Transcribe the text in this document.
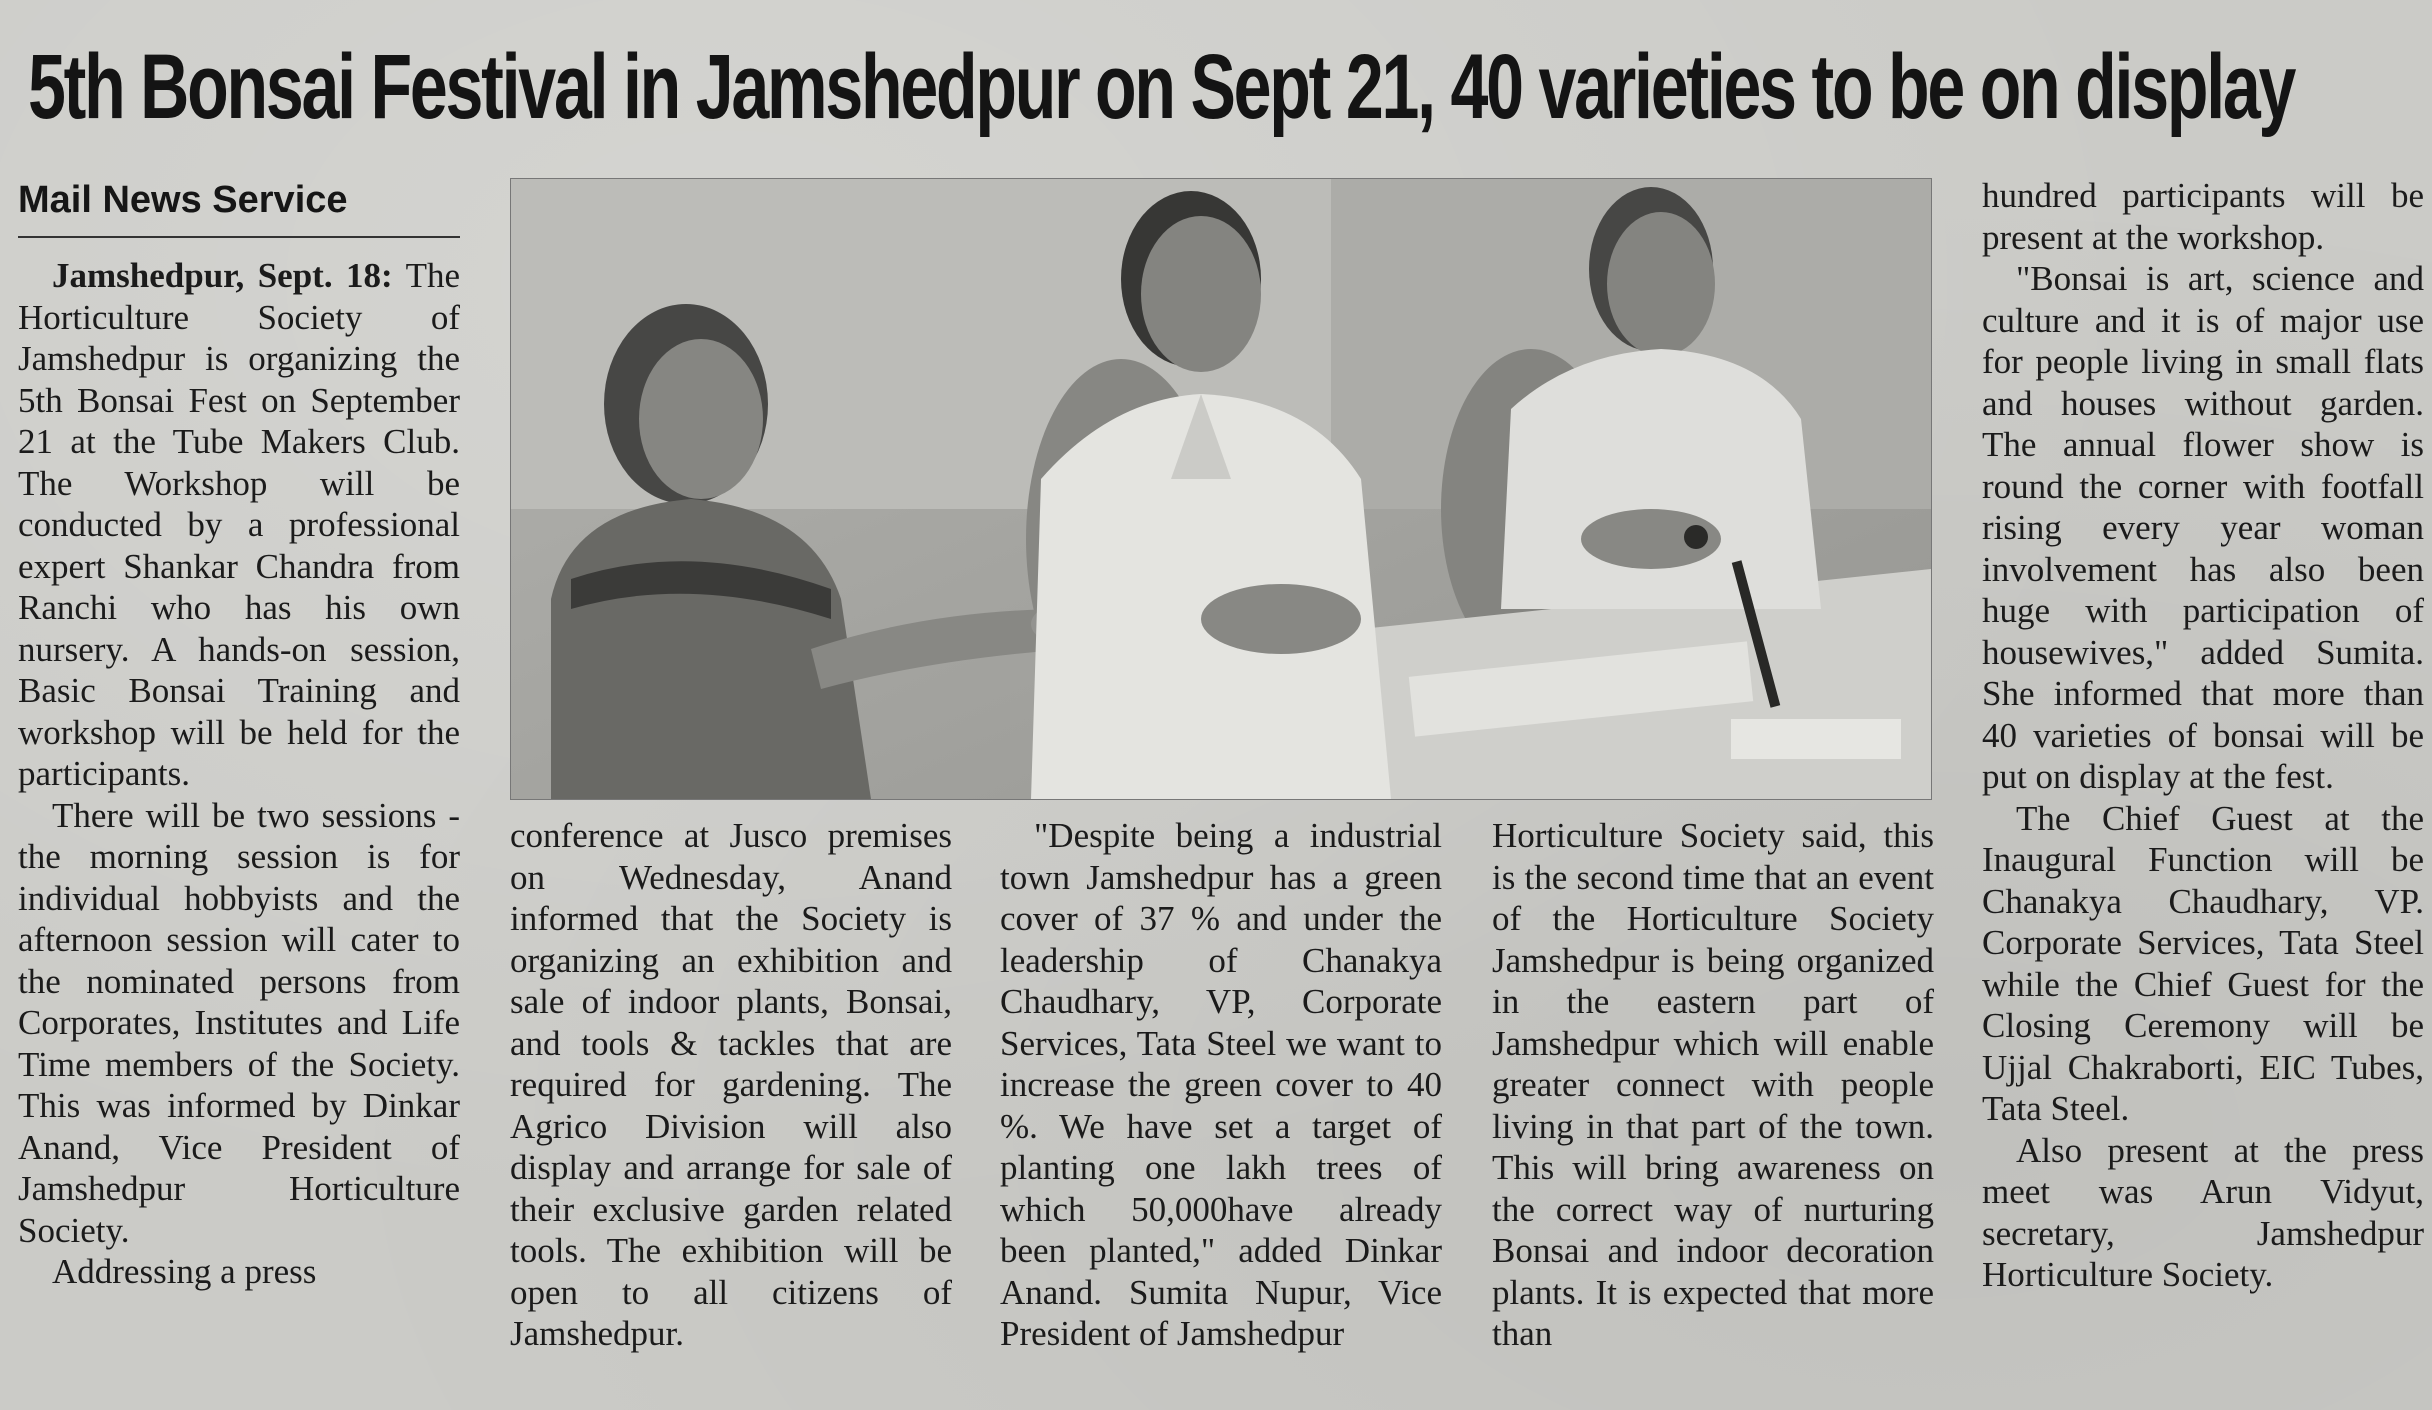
5th Bonsai Festival in Jamshedpur on Sept 21, 40 varieties to be on display
Mail News Service

Jamshedpur, Sept. 18: The Horticulture Society of Jamshedpur is organizing the 5th Bonsai Fest on September 21 at the Tube Makers Club. The Workshop will be conducted by a professional expert Shankar Chandra from Ranchi who has his own nursery. A hands-on session, Basic Bonsai Training and workshop will be held for the participants.

There will be two sessions - the morning session is for individual hobbyists and the afternoon session will cater to the nominated persons from Corporates, Institutes and Life Time members of the Society. This was informed by Dinkar Anand, Vice President of Jamshedpur Horticulture Society.

Addressing a press

conference at Jusco premises on Wednesday, Anand informed that the Society is organizing an exhibition and sale of indoor plants, Bonsai, and tools & tackles that are required for gardening. The Agrico Division will also display and arrange for sale of their exclusive garden related tools. The exhibition will be open to all citizens of Jamshedpur.

"Despite being a industrial town Jamshedpur has a green cover of 37 % and under the leadership of Chanakya Chaudhary, VP, Corporate Services, Tata Steel we want to increase the green cover to 40 %. We have set a target of planting one lakh trees of which 50,000have already been planted," added Dinkar Anand. Sumita Nupur, Vice President of Jamshedpur

Horticulture Society said, this is the second time that an event of the Horticulture Society Jamshedpur is being organized in the eastern part of Jamshedpur which will enable greater connect with people living in that part of the town. This will bring awareness on the correct way of nurturing Bonsai and indoor decoration plants. It is expected that more than

hundred participants will be present at the workshop.

"Bonsai is art, science and culture and it is of major use for people living in small flats and houses without garden. The annual flower show is round the corner with footfall rising every year woman involvement has also been huge with participation of housewives," added Sumita. She informed that more than 40 varieties of bonsai will be put on display at the fest.

The Chief Guest at the Inaugural Function will be Chanakya Chaudhary, VP. Corporate Services, Tata Steel while the Chief Guest for the Closing Ceremony will be Ujjal Chakraborti, EIC Tubes, Tata Steel.

Also present at the press meet was Arun Vidyut, secretary, Jamshedpur Horticulture Society.
